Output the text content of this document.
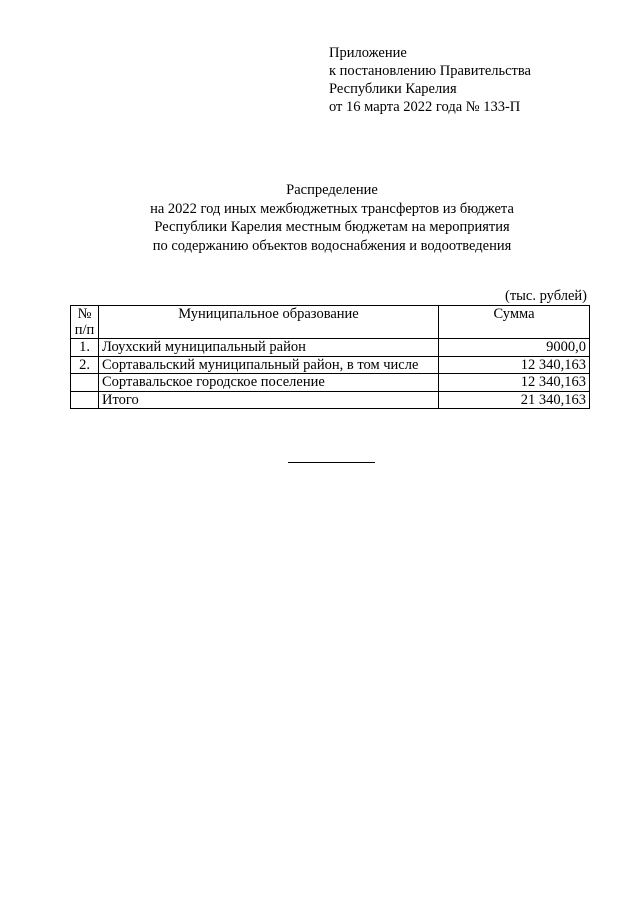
Приложение
к постановлению Правительства
Республики Карелия
от 16 марта 2022 года № 133-П
Распределение
на 2022 год иных межбюджетных трансфертов из бюджета
Республики Карелия местным бюджетам на мероприятия
по содержанию объектов водоснабжения и водоотведения
(тыс. рублей)
№
п/п	Муниципальное образование	Сумма
1.	Лоухский муниципальный район	9000,0
2.	Сортавальский муниципальный район, в том числе	12 340,163
	Сортавальское городское поселение	12 340,163
	Итого	21 340,163
